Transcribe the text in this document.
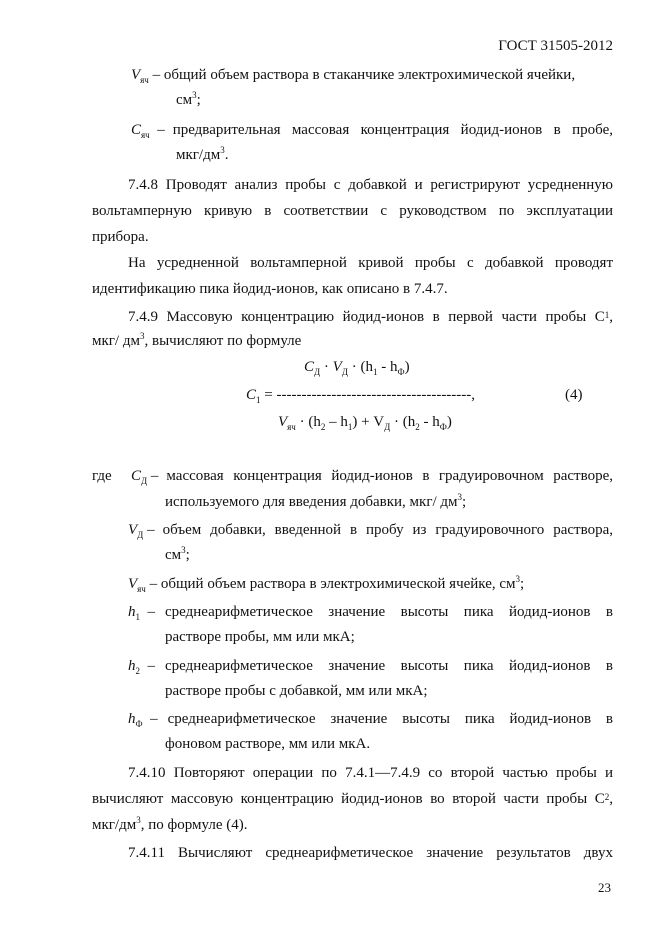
ГОСТ 31505-2012
$V_{яч}$ – общий объем раствора в стаканчике электрохимической ячейки,
$см^3$;
$C_{яч}$ – предварительная массовая концентрация йодид-ионов в пробе,
мкг/$дм^3$.
7.4.8 Проводят анализ пробы с добавкой и регистрируют усредненную
вольтамперную кривую в соответствии с руководством по эксплуатации
прибора.
На усредненной вольтамперной кривой пробы с добавкой проводят
идентификацию пика йодид-ионов, как описано в 7.4.7.
7.4.9 Массовую концентрацию йодид-ионов в первой части пробы $C_1$ ,
мкг/ $дм^3$, вычисляют по формуле
$C_Д \cdot V_Д \cdot (h_1 - h_Ф)$
$C_1$ = ---------------------------------------,	(4)
$V_{яч} \cdot (h_2 - h_1) + V_Д \cdot (h_2 - h_Ф)$
где $C_Д$ – массовая концентрация йодид-ионов в градуировочном растворе,
используемого для введения добавки, мкг/ $дм^3$;
$V_Д$ – объем добавки, введенной в пробу из градуировочного раствора,
$см^3$;
$V_{яч}$ – общий объем раствора в электрохимической ячейке, $см^3$;
$h_1$ – среднеарифметическое значение высоты пика йодид-ионов в
растворе пробы, мм или мкА;
$h_2$ – среднеарифметическое значение высоты пика йодид-ионов в
растворе пробы с добавкой, мм или мкА;
$h_Ф$ – среднеарифметическое значение высоты пика йодид-ионов в
фоновом растворе, мм или мкА.
7.4.10 Повторяют операции по 7.4.1―7.4.9 со второй частью пробы и
вычисляют массовую концентрацию йодид-ионов во второй части пробы $C_2$ ,
мкг/$дм^3$, по формуле (4).
7.4.11 Вычисляют среднеарифметическое значение результатов двух
23
